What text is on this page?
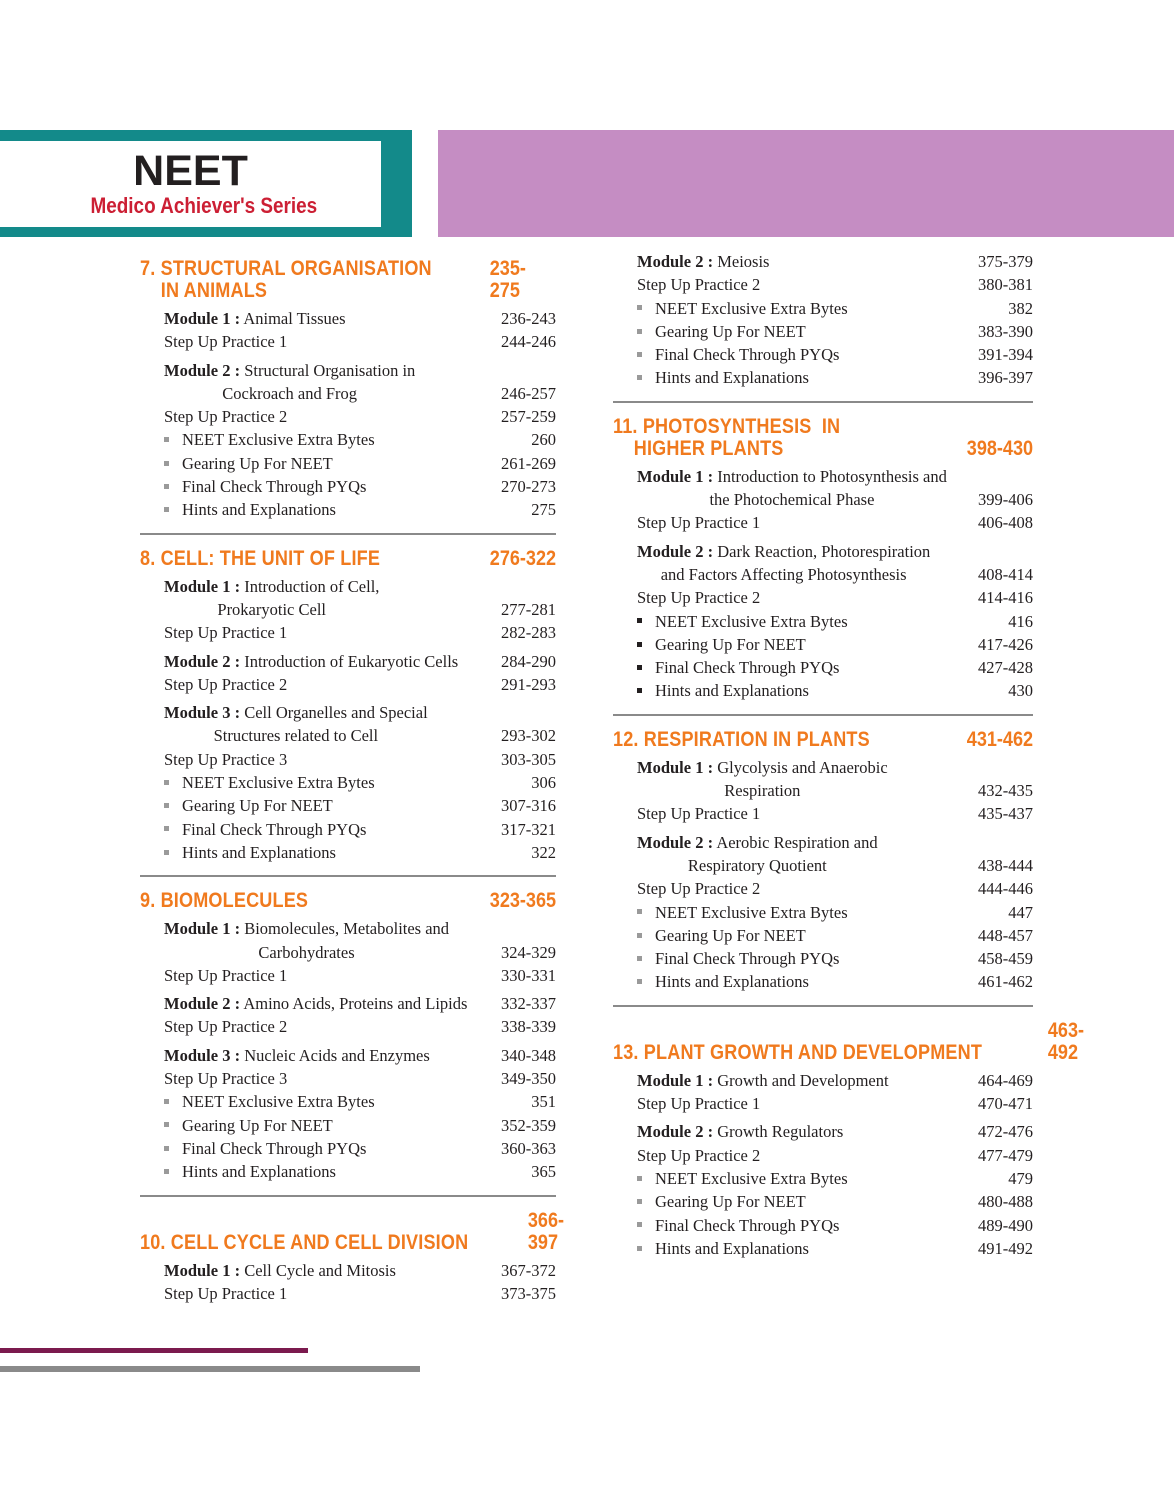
NEET
Medico Achiever's Series
7. STRUCTURAL ORGANISATION
IN ANIMALS
235-275
Module 1 : Animal Tissues	236-243
Step Up Practice 1	244-246
Module 2 : Structural Organisation in
Cockroach and Frog	246-257
Step Up Practice 2	257-259
NEET Exclusive Extra Bytes	260
Gearing Up For NEET	261-269
Final Check Through PYQs	270-273
Hints and Explanations	275
8. CELL: THE UNIT OF LIFE	276-322
Module 1 : Introduction of Cell,
Prokaryotic Cell	277-281
Step Up Practice 1	282-283
Module 2 : Introduction of Eukaryotic Cells	284-290
Step Up Practice 2	291-293
Module 3 : Cell Organelles and Special
Structures related to Cell	293-302
Step Up Practice 3	303-305
NEET Exclusive Extra Bytes	306
Gearing Up For NEET	307-316
Final Check Through PYQs	317-321
Hints and Explanations	322
9. BIOMOLECULES	323-365
Module 1 : Biomolecules, Metabolites and
Carbohydrates	324-329
Step Up Practice 1	330-331
Module 2 : Amino Acids, Proteins and Lipids 332-337
Step Up Practice 2	338-339
Module 3 : Nucleic Acids and Enzymes	340-348
Step Up Practice 3	349-350
NEET Exclusive Extra Bytes	351
Gearing Up For NEET	352-359
Final Check Through PYQs	360-363
Hints and Explanations	365
10. CELL CYCLE AND CELL DIVISION
366-397
Module 1 : Cell Cycle and Mitosis	367-372
Step Up Practice 1	373-375
Module 2 : Meiosis	375-379
Step Up Practice 2	380-381
NEET Exclusive Extra Bytes	382
Gearing Up For NEET	383-390
Final Check Through PYQs	391-394
Hints and Explanations	396-397
11. PHOTOSYNTHESIS  IN
HIGHER PLANTS	398-430
Module 1 : Introduction to Photosynthesis and
the Photochemical Phase	399-406
Step Up Practice 1	406-408
Module 2 : Dark Reaction, Photorespiration
and Factors Affecting Photosynthesis	408-414
Step Up Practice 2	414-416
NEET Exclusive Extra Bytes	416
Gearing Up For NEET	417-426
Final Check Through PYQs	427-428
Hints and Explanations	430
12. RESPIRATION IN PLANTS	431-462
Module 1 : Glycolysis and Anaerobic
Respiration	432-435
Step Up Practice 1	435-437
Module 2 : Aerobic Respiration and
Respiratory Quotient	438-444
Step Up Practice 2	444-446
NEET Exclusive Extra Bytes	447
Gearing Up For NEET	448-457
Final Check Through PYQs	458-459
Hints and Explanations	461-462
13. PLANT GROWTH AND DEVELOPMENT
463-492
Module 1 : Growth and Development	464-469
Step Up Practice 1	470-471
Module 2 : Growth Regulators	472-476
Step Up Practice 2	477-479
NEET Exclusive Extra Bytes	479
Gearing Up For NEET	480-488
Final Check Through PYQs	489-490
Hints and Explanations	491-492
